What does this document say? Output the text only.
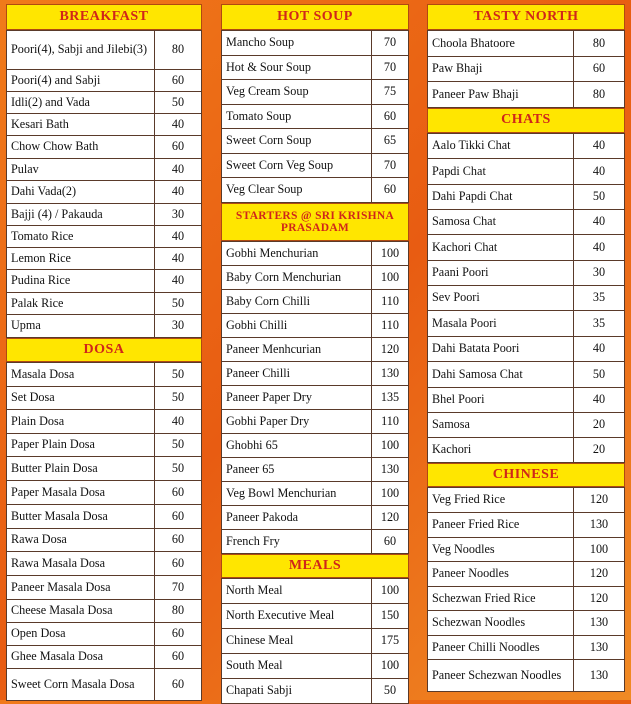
BREAKFAST
Poori(4), Sabji and Jilebi(3)	80
Poori(4) and Sabji	60
Idli(2) and Vada	50
Kesari Bath	40
Chow Chow Bath	60
Pulav	40
Dahi Vada(2)	40
Bajji (4) / Pakauda	30
Tomato Rice	40
Lemon Rice	40
Pudina Rice	40
Palak Rice	50
Upma	30
DOSA
Masala Dosa	50
Set Dosa	50
Plain Dosa	40
Paper Plain Dosa	50
Butter Plain Dosa	50
Paper Masala Dosa	60
Butter Masala Dosa	60
Rawa Dosa	60
Rawa Masala Dosa	60
Paneer Masala Dosa	70
Cheese Masala Dosa	80
Open Dosa	60
Ghee Masala Dosa	60
Sweet Corn Masala Dosa	60
HOT SOUP
Mancho Soup	70
Hot & Sour Soup	70
Veg Cream Soup	75
Tomato Soup	60
Sweet Corn Soup	65
Sweet Corn Veg Soup	70
Veg Clear Soup	60
STARTERS @ SRI KRISHNA PRASADAM
Gobhi Menchurian	100
Baby Corn Menchurian	100
Baby Corn Chilli	110
Gobhi Chilli	110
Paneer Menhcurian	120
Paneer Chilli	130
Paneer Paper Dry	135
Gobhi Paper Dry	110
Ghobhi 65	100
Paneer 65	130
Veg Bowl Menchurian	100
Paneer Pakoda	120
French Fry	60
MEALS
North Meal	100
North Executive Meal	150
Chinese Meal	175
South Meal	100
Chapati Sabji	50
TASTY NORTH
Choola Bhatoore	80
Paw Bhaji	60
Paneer Paw Bhaji	80
CHATS
Aalo Tikki Chat	40
Papdi Chat	40
Dahi Papdi Chat	50
Samosa Chat	40
Kachori Chat	40
Paani Poori	30
Sev Poori	35
Masala Poori	35
Dahi Batata Poori	40
Dahi Samosa Chat	50
Bhel Poori	40
Samosa	20
Kachori	20
CHINESE
Veg Fried Rice	120
Paneer Fried Rice	130
Veg Noodles	100
Paneer Noodles	120
Schezwan Fried Rice	120
Schezwan Noodles	130
Paneer Chilli Noodles	130
Paneer Schezwan Noodles	130
